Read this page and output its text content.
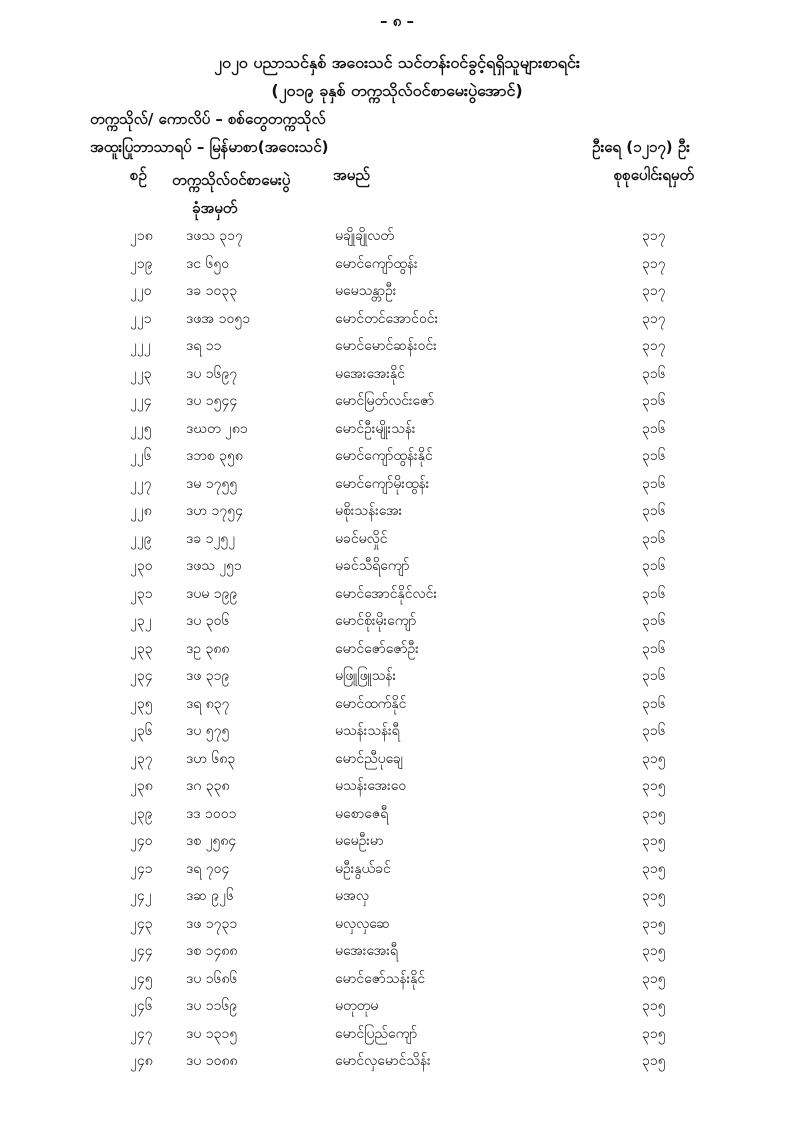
– ၈ –
၂၀၂၀ ပညာသင်နှစ် အဝေးသင် သင်တန်းဝင်ခွင့်ရရှိသူများစာရင်း
(၂၀၁၉ ခုနှစ် တက္ကသိုလ်ဝင်စာမေးပွဲအောင်)
တက္ကသိုလ်/ ကောလိပ် – စစ်တွေတက္ကသိုလ်
အထူးပြုဘာသာရပ် – မြန်မာစာ(အဝေးသင်)	ဦးရေ (၁၂၁၇) ဦး
စဉ် တက္ကသိုလ်ဝင်စာမေးပွဲ
ခုံအမှတ်
အမည်	စုစုပေါင်းရမှတ်
၂၁၈ ဒဖသ ၃၁၇	မချိုချိုလတ်	၃၁၇
၂၁၉ ဒင ၆၅၀	မောင်ကျော်ထွန်း	၃၁၇
၂၂၀ ဒခ ၁၀၃၃	မမေသန္တာဦး	၃၁၇
၂၂၁ ဒဖအ ၁၀၅၁	မောင်တင်အောင်ဝင်း	၃၁၇
၂၂၂	ဒရ ၁၁	မောင်မောင်ဆန်းဝင်း	၃၁၇
၂၂၃ ဒပ ၁၆၉၇	မအေးအေးနိုင်	၃၁၆
၂၂၄ ဒပ ၁၅၄၄	မောင်မြတ်လင်းဇော်	၃၁၆
၂၂၅ ဒဃတ ၂၈၁	မောင်ဦးမျိုးသန်း	၃၁၆
၂၂၆ ဒဘစ ၃၅၈	မောင်ကျော်ထွန်းနိုင်	၃၁၆
၂၂၇ ဒမ ၁၇၅၅	မောင်ကျော်မိုးထွန်း	၃၁၆
၂၂၈ ဒဟ ၁၇၅၄	မစိုးသန်းအေး	၃၁၆
၂၂၉ ဒခ ၁၂၅၂	မခင်မလှိုင်	၃၁၆
၂၃၀ ဒဖသ ၂၅၁	မခင်သီရိကျော်	၃၁၆
၂၃၁ ဒပမ ၁၉၉	မောင်အောင်နိုင်လင်း	၃၁၆
၂၃၂ ဒပ ၃၀၆	မောင်စိုးမိုးကျော်	၃၁၆
၂၃၃ ဒဥ ၃၈၈	မောင်ဇော်ဇော်ဦး	၃၁၆
၂၃၄ ဒဖ ၃၁၉	မဖြူဖြူသန်း	၃၁၆
၂၃၅ ဒရ ၈၃၇	မောင်ထက်နိုင်	၃၁၆
၂၃၆ ဒပ ၅၇၅	မသန်းသန်းရီ	၃၁၆
၂၃၇ ဒဟ ၆၈၃	မောင်ညီပုချေ	၃၁၅
၂၃၈ ဒဂ ၃၃၈	မသန်းအေးဝေ	၃၁၅
၂၃၉ ဒဒ ၁၀၀၁	မစောဇေရီ	၃၁၅
၂၄၀ ဒစ ၂၅၈၄	မမေဦးမာ	၃၁၅
၂၄၁ ဒရ ၇၀၄	မဦးနွယ်ခင်	၃၁၅
၂၄၂ ဒဆ ၉၂၆	မအလှ	၃၁၅
၂၄၃ ဒဖ ၁၇၃၁	မလှလှဆေ	၃၁၅
၂၄၄ ဒစ ၁၄၈၈	မအေးအေးရီ	၃၁၅
၂၄၅ ဒပ ၁၆၈၆	မောင်ဇော်သန်းနိုင်	၃၁၅
၂၄၆ ဒပ ၁၁၆၉	မတုတုမ	၃၁၅
၂၄၇ ဒပ ၁၃၁၅	မောင်ပြည်ကျော်	၃၁၅
၂၄၈ ဒပ ၁၀၈၈	မောင်လှမောင်သိန်း	၃၁၅
